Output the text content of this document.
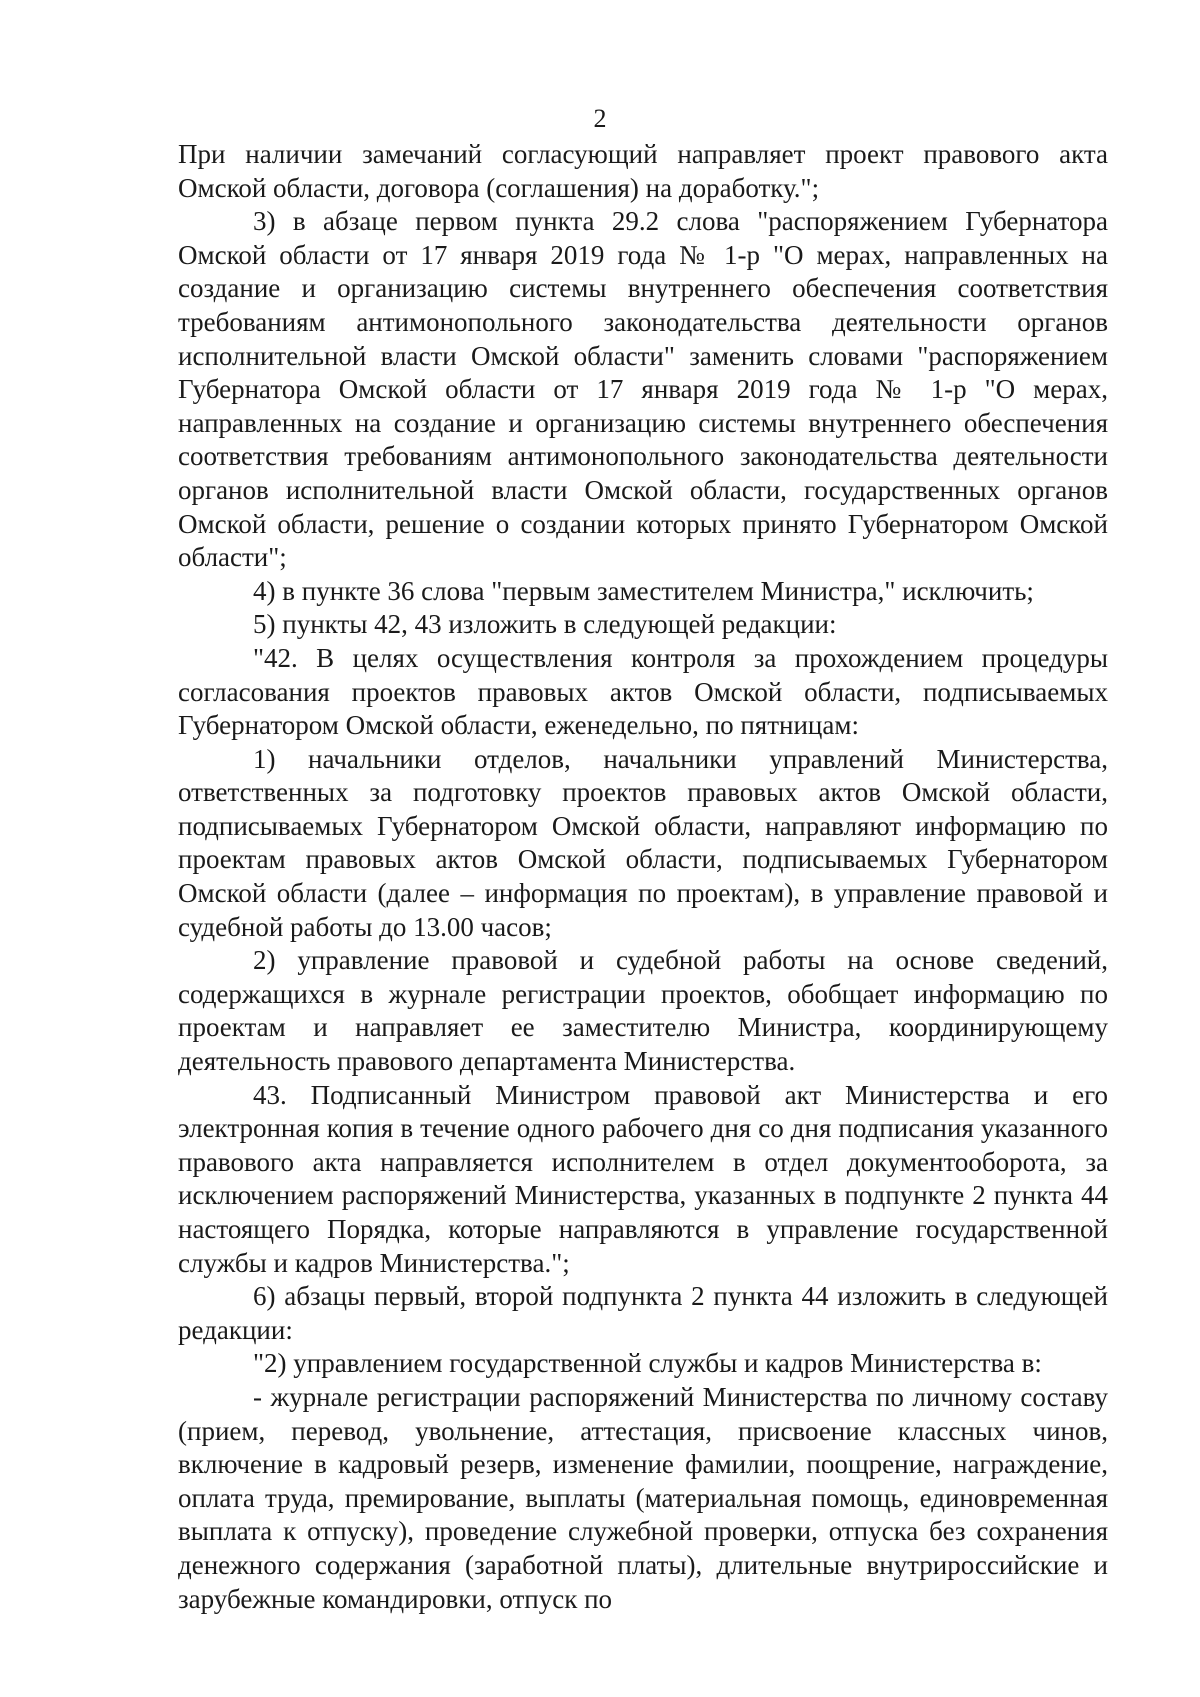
2

При наличии замечаний согласующий направляет проект правового акта Омской области, договора (соглашения) на доработку.";

3) в абзаце первом пункта 29.2 слова "распоряжением Губернатора Омской области от 17 января 2019 года № 1-р "О мерах, направленных на создание и организацию системы внутреннего обеспечения соответствия требованиям антимонопольного законодательства деятельности органов исполнительной власти Омской области" заменить словами "распоряжением Губернатора Омской области от 17 января 2019 года № 1-р "О мерах, направленных на создание и организацию системы внутреннего обеспечения соответствия требованиям антимонопольного законодательства деятельности органов исполнительной власти Омской области, государственных органов Омской области, решение о создании которых принято Губернатором Омской области";

4) в пункте 36 слова "первым заместителем Министра," исключить;

5) пункты 42, 43 изложить в следующей редакции:

"42. В целях осуществления контроля за прохождением процедуры согласования проектов правовых актов Омской области, подписываемых Губернатором Омской области, еженедельно, по пятницам:

1) начальники отделов, начальники управлений Министерства, ответственных за подготовку проектов правовых актов Омской области, подписываемых Губернатором Омской области, направляют информацию по проектам правовых актов Омской области, подписываемых Губернатором Омской области (далее – информация по проектам), в управление правовой и судебной работы до 13.00 часов;

2) управление правовой и судебной работы на основе сведений, содержащихся в журнале регистрации проектов, обобщает информацию по проектам и направляет ее заместителю Министра, координирующему деятельность правового департамента Министерства.

43. Подписанный Министром правовой акт Министерства и его электронная копия в течение одного рабочего дня со дня подписания указанного правового акта направляется исполнителем в отдел документооборота, за исключением распоряжений Министерства, указанных в подпункте 2 пункта 44 настоящего Порядка, которые направляются в управление государственной службы и кадров Министерства.";

6) абзацы первый, второй подпункта 2 пункта 44 изложить в следующей редакции:

"2) управлением государственной службы и кадров Министерства в:

- журнале регистрации распоряжений Министерства по личному составу (прием, перевод, увольнение, аттестация, присвоение классных чинов, включение в кадровый резерв, изменение фамилии, поощрение, награждение, оплата труда, премирование, выплаты (материальная помощь, единовременная выплата к отпуску), проведение служебной проверки, отпуска без сохранения денежного содержания (заработной платы), длительные внутрироссийские и зарубежные командировки, отпуск по
